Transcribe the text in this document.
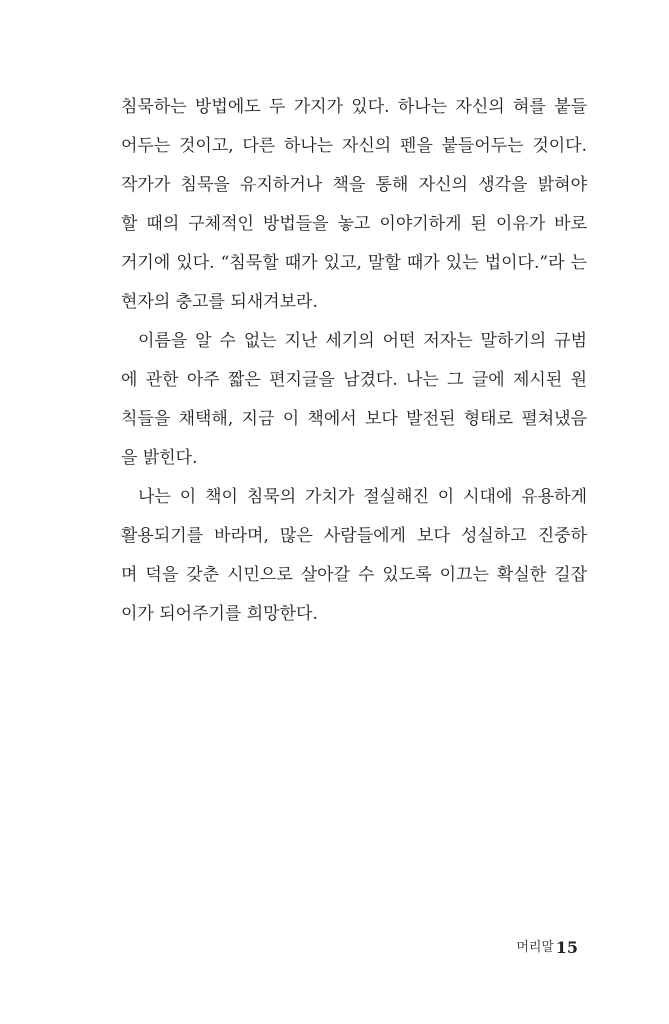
침묵하는 방법에도 두 가지가 있다. 하나는 자신의 혀를 붙들
어두는 것이고, 다른 하나는 자신의 펜을 붙들어두는 것이다.
작가가 침묵을 유지하거나 책을 통해 자신의 생각을 밝혀야
할 때의 구체적인 방법들을 놓고 이야기하게 된 이유가 바로
거기에 있다. “침묵할 때가 있고, 말할 때가 있는 법이다.”라 는
현자의 충고를 되새겨보라.
이름을 알 수 없는 지난 세기의 어떤 저자는 말하기의 규범
에 관한 아주 짧은 편지글을 남겼다. 나는 그 글에 제시된 원
칙들을 채택해, 지금 이 책에서 보다 발전된 형태로 펼쳐냈음
을 밝힌다.
나는 이 책이 침묵의 가치가 절실해진 이 시대에 유용하게
활용되기를 바라며, 많은 사람들에게 보다 성실하고 진중하
며 덕을 갖춘 시민으로 살아갈 수 있도록 이끄는 확실한 길잡
이가 되어주기를 희망한다.
머리말 15
